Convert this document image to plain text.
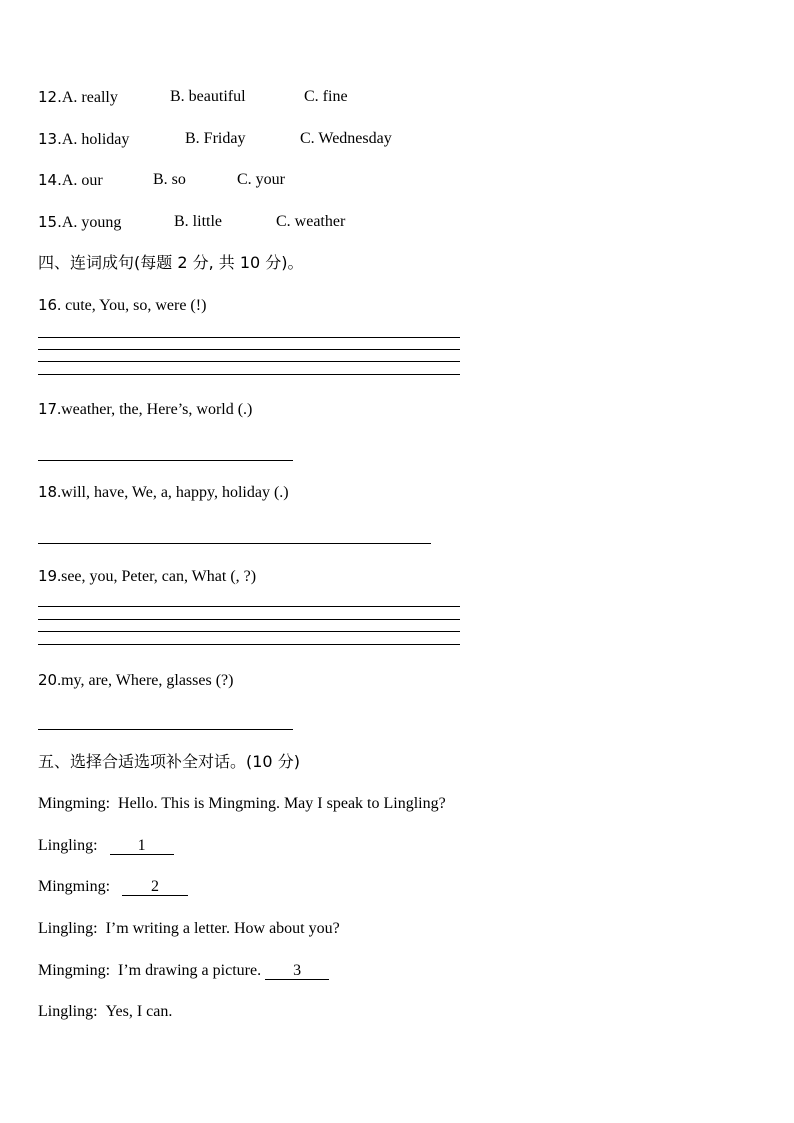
12.A. really	B. beautiful	C. fine
13.A. holiday	B. Friday	C. Wednesday
14.A. our	B. so	C. your
15.A. young	B. little	C. weather
四、连词成句(每题 2 分, 共 10 分)。
16. cute, You, so, were (!)
17.weather, the, Here’s, world (.)
18.will, have, We, a, happy, holiday (.)
19.see, you, Peter, can, What (, ?)
20.my, are, Where, glasses (?)
五、选择合适选项补全对话。(10 分)
Mingming: Hello. This is Mingming. May I speak to Lingling?
Lingling:	1
Mingming:	2
Lingling: I’m writing a letter. How about you?
Mingming: I’m drawing a picture. 3
Lingling: Yes, I can.
